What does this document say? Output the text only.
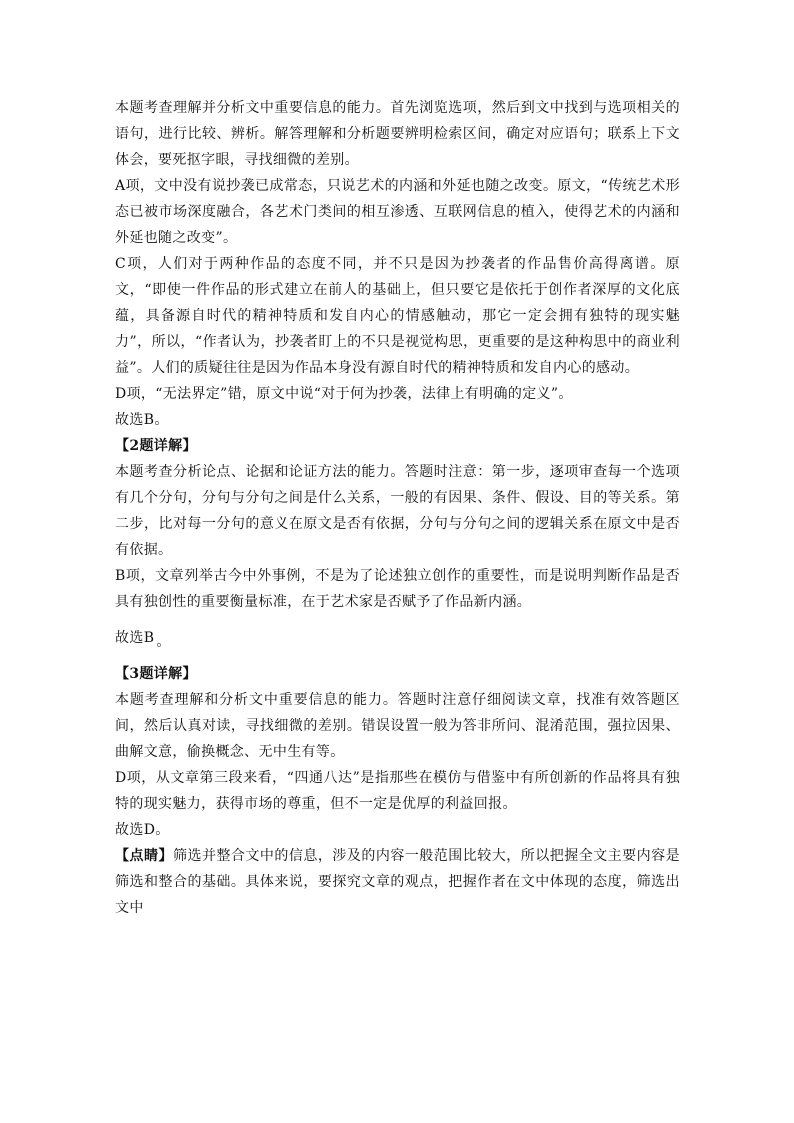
本题考查理解并分析文中重要信息的能力。首先浏览选项，然后到文中找到与选项相关的语句，进行比较、辨析。解答理解和分析题要辨明检索区间，确定对应语句；联系上下文体会，要死抠字眼，寻找细微的差别。

A项，文中没有说抄袭已成常态，只说艺术的内涵和外延也随之改变。原文，“传统艺术形态已被市场深度融合，各艺术门类间的相互渗透、互联网信息的植入，使得艺术的内涵和外延也随之改变”。

C项，人们对于两种作品的态度不同，并不只是因为抄袭者的作品售价高得离谱。原文，“即使一件作品的形式建立在前人的基础上，但只要它是依托于创作者深厚的文化底蕴，具备源自时代的精神特质和发自内心的情感触动，那它一定会拥有独特的现实魅力”，所以，“作者认为，抄袭者盯上的不只是视觉构思，更重要的是这种构思中的商业利益”。人们的质疑往往是因为作品本身没有源自时代的精神特质和发自内心的感动。

D项，“无法界定”错，原文中说“对于何为抄袭，法律上有明确的定义”。

故选B。

【2题详解】

本题考查分析论点、论据和论证方法的能力。答题时注意：第一步，逐项审查每一个选项有几个分句，分句与分句之间是什么关系，一般的有因果、条件、假设、目的等关系。第二步，比对每一分句的意义在原文是否有依据，分句与分句之间的逻辑关系在原文中是否有依据。

B项，文章列举古今中外事例，不是为了论述独立创作的重要性，而是说明判断作品是否具有独创性的重要衡量标准，在于艺术家是否赋予了作品新内涵。

故选B 。

【3题详解】

本题考查理解和分析文中重要信息的能力。答题时注意仔细阅读文章，找准有效答题区间，然后认真对读，寻找细微的差别。错误设置一般为答非所问、混淆范围，强拉因果、曲解文意，偷换概念、无中生有等。

D项，从文章第三段来看，“四通八达”是指那些在模仿与借鉴中有所创新的作品将具有独特的现实魅力，获得市场的尊重，但不一定是优厚的利益回报。

故选D。

【点睛】筛选并整合文中的信息，涉及的内容一般范围比较大，所以把握全文主要内容是筛选和整合的基础。具体来说，要探究文章的观点，把握作者在文中体现的态度，筛选出文中
